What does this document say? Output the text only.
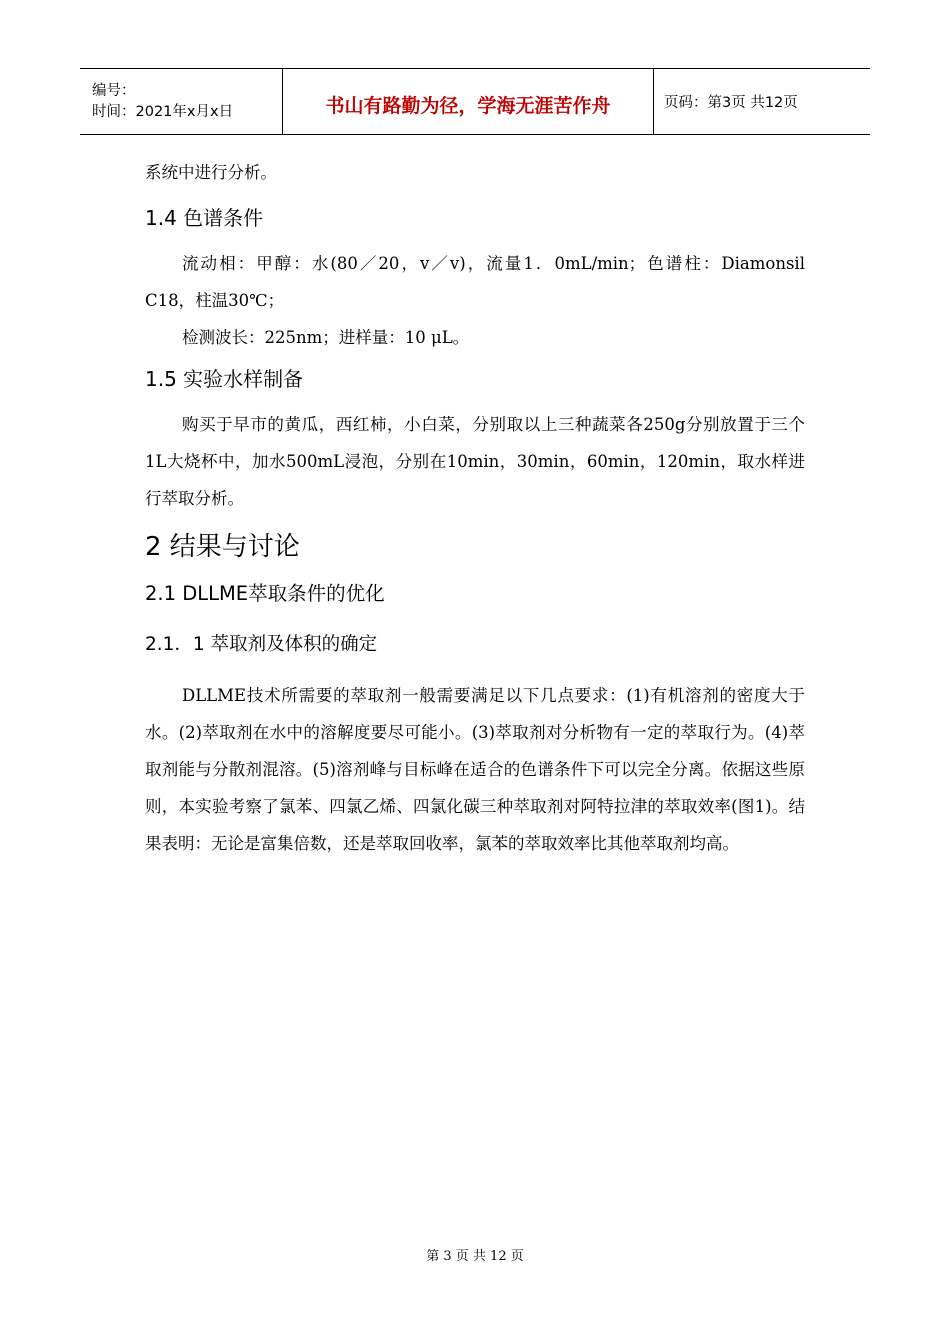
编号：
时间：2021年x月x日	书山有路勤为径，学海无涯苦作舟	页码：第3页 共12页

系统中进行分析。

1.4 色谱条件

流动相：甲醇：水(80／20，v／v)，流量1．0mL/min；色谱柱：Diamonsil C18，柱温30℃；

检测波长：225nm；进样量：10 μL。

1.5 实验水样制备

购买于早市的黄瓜，西红柿，小白菜，分别取以上三种蔬菜各250g分别放置于三个1L大烧杯中，加水500mL浸泡，分别在10min，30min，60min，120min，取水样进行萃取分析。

2 结果与讨论
2.1 DLLME萃取条件的优化
2.1．1 萃取剂及体积的确定

DLLME技术所需要的萃取剂一般需要满足以下几点要求：(1)有机溶剂的密度大于水。(2)萃取剂在水中的溶解度要尽可能小。(3)萃取剂对分析物有一定的萃取行为。(4)萃取剂能与分散剂混溶。(5)溶剂峰与目标峰在适合的色谱条件下可以完全分离。依据这些原则，本实验考察了氯苯、四氯乙烯、四氯化碳三种萃取剂对阿特拉津的萃取效率(图1)。结果表明：无论是富集倍数，还是萃取回收率，氯苯的萃取效率比其他萃取剂均高。

第 3 页 共 12 页
